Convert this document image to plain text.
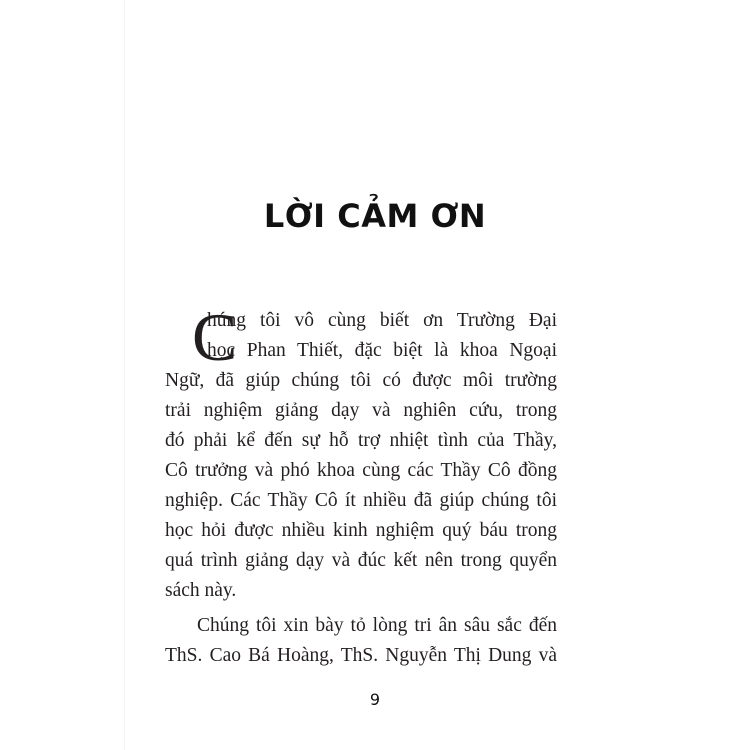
LỜI CẢM ƠN
C
húng tôi vô cùng biết ơn Trường Đại
học Phan Thiết, đặc biệt là khoa Ngoại
Ngữ, đã giúp chúng tôi có được môi trường
trải nghiệm giảng dạy và nghiên cứu, trong
đó phải kể đến sự hỗ trợ nhiệt tình của Thầy,
Cô trưởng và phó khoa cùng các Thầy Cô đồng
nghiệp. Các Thầy Cô ít nhiều đã giúp chúng tôi
học hỏi được nhiều kinh nghiệm quý báu trong
quá trình giảng dạy và đúc kết nên trong quyển
sách này.
Chúng tôi xin bày tỏ lòng tri ân sâu sắc đến
ThS. Cao Bá Hoàng, ThS. Nguyễn Thị Dung và
9
